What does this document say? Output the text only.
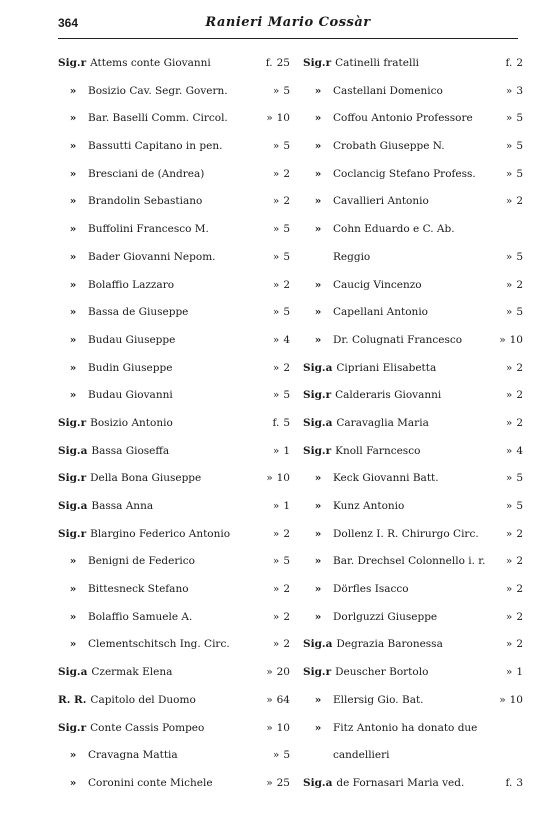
364	Ranieri Mario Cossàr
Sig.r Attems conte Giovanni	f. 25
»	Bosizio Cav. Segr. Govern.	» 5
»	Bar. Baselli Comm. Circol.	» 10
»	Bassutti Capitano in pen.	» 5
»	Bresciani de (Andrea)	» 2
»	Brandolin Sebastiano	» 2
»	Buffolini Francesco M.	» 5
»	Bader Giovanni Nepom.	» 5
»	Bolaffio Lazzaro	» 2
»	Bassa de Giuseppe	» 5
»	Budau Giuseppe	» 4
»	Budin Giuseppe	» 2
»	Budau Giovanni	» 5
Sig.r Bosizio Antonio	f. 5
Sig.a Bassa Gioseffa	» 1
Sig.r Della Bona Giuseppe	» 10
Sig.a Bassa Anna	» 1
Sig.r Blargino Federico Antonio	» 2
»	Benigni de Federico	» 5
»	Bittesneck Stefano	» 2
»	Bolaffio Samuele A.	» 2
»	Clementschitsch Ing. Circ.	» 2
Sig.a Czermak Elena	» 20
R. R. Capitolo del Duomo	» 64
Sig.r Conte Cassis Pompeo	» 10
»	Cravagna Mattia	» 5
»	Coronini conte Michele	» 25
Sig.r Catinelli fratelli	f. 2
»	Castellani Domenico	» 3
»	Coffou Antonio Professore	» 5
»	Crobath Giuseppe N.	» 5
»	Coclancig Stefano Profess.	» 5
»	Cavallieri Antonio	» 2
»	Cohn Eduardo e C. Ab.
Reggio	» 5
»	Caucig Vincenzo	» 2
»	Capellani Antonio	» 5
»	Dr. Colugnati Francesco	» 10
Sig.a Cipriani Elisabetta	» 2
Sig.r Calderaris Giovanni	» 2
Sig.a Caravaglia Maria	» 2
Sig.r Knoll Farncesco	» 4
»	Keck Giovanni Batt.	» 5
»	Kunz Antonio	» 5
»	Dollenz I. R. Chirurgo Circ.	» 2
»	Bar. Drechsel Colonnello i. r.	» 2
»	Dörfles Isacco	» 2
»	Dorlguzzi Giuseppe	» 2
Sig.a Degrazia Baronessa	» 2
Sig.r Deuscher Bortolo	» 1
»	Ellersig Gio. Bat.	» 10
»	Fitz Antonio ha donato due
candellieri
Sig.a de Fornasari Maria ved.	f. 3
